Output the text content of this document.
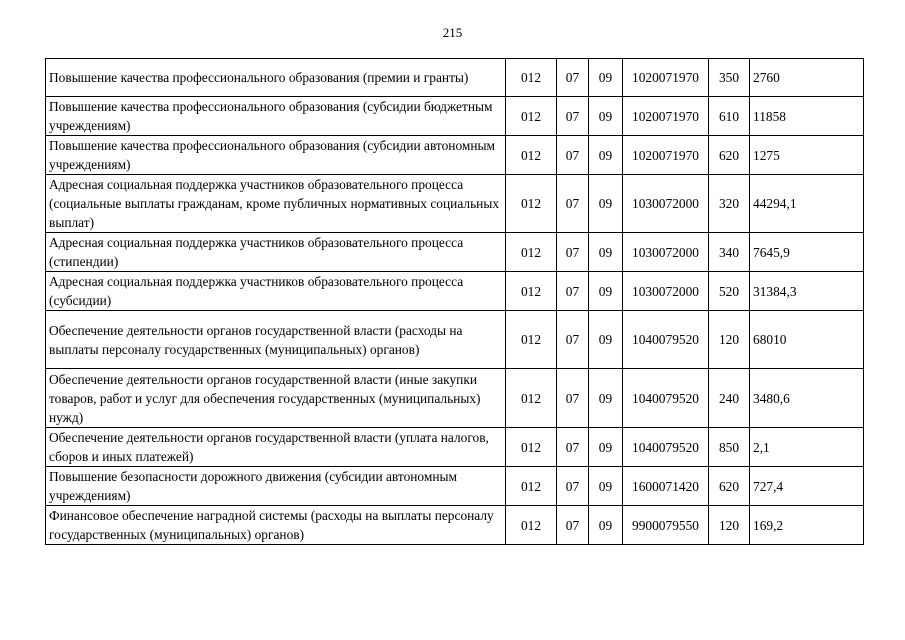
215
Повышение качества профессионального образования (премии и гранты)	012	07	09	1020071970	350	2760
Повышение качества профессионального образования (субсидии бюджетным учреждениям)	012	07	09	1020071970	610	11858
Повышение качества профессионального образования (субсидии автономным учреждениям)	012	07	09	1020071970	620	1275
Адресная социальная поддержка участников образовательного процесса (социальные выплаты гражданам, кроме публичных нормативных социальных выплат)	012	07	09	1030072000	320	44294,1
Адресная социальная поддержка участников образовательного процесса (стипендии)	012	07	09	1030072000	340	7645,9
Адресная социальная поддержка участников образовательного процесса (субсидии)	012	07	09	1030072000	520	31384,3
Обеспечение деятельности органов государственной власти (расходы на выплаты персоналу государственных (муниципальных) органов)	012	07	09	1040079520	120	68010
Обеспечение деятельности органов государственной власти (иные закупки товаров, работ и услуг для обеспечения государственных (муниципальных) нужд)	012	07	09	1040079520	240	3480,6
Обеспечение деятельности органов государственной власти (уплата налогов, сборов и иных платежей)	012	07	09	1040079520	850	2,1
Повышение безопасности дорожного движения (субсидии автономным учреждениям)	012	07	09	1600071420	620	727,4
Финансовое обеспечение наградной системы (расходы на выплаты персоналу государственных (муниципальных) органов)	012	07	09	9900079550	120	169,2
